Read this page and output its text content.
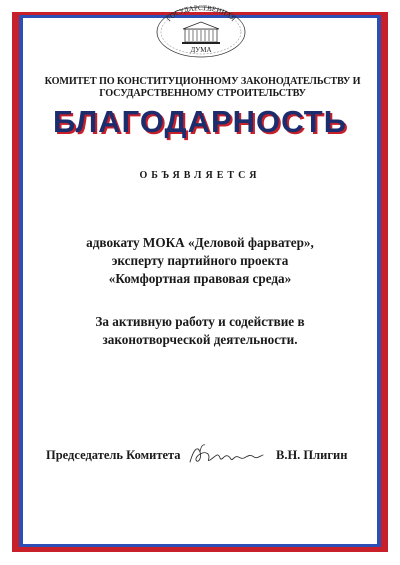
ГОСУДАРСТВЕННАЯ
ДУМА
КОМИТЕТ ПО КОНСТИТУЦИОННОМУ ЗАКОНОДАТЕЛЬСТВУ И
ГОСУДАРСТВЕННОМУ СТРОИТЕЛЬСТВУ
БЛАГОДАРНОСТЬ
ОБЪЯВЛЯЕТСЯ
адвокату МОКА «Деловой фарватер»,
эксперту партийного проекта
«Комфортная правовая среда»
За активную работу и содействие в
законотворческой деятельности.
Председатель Комитета	В.Н. Плигин
